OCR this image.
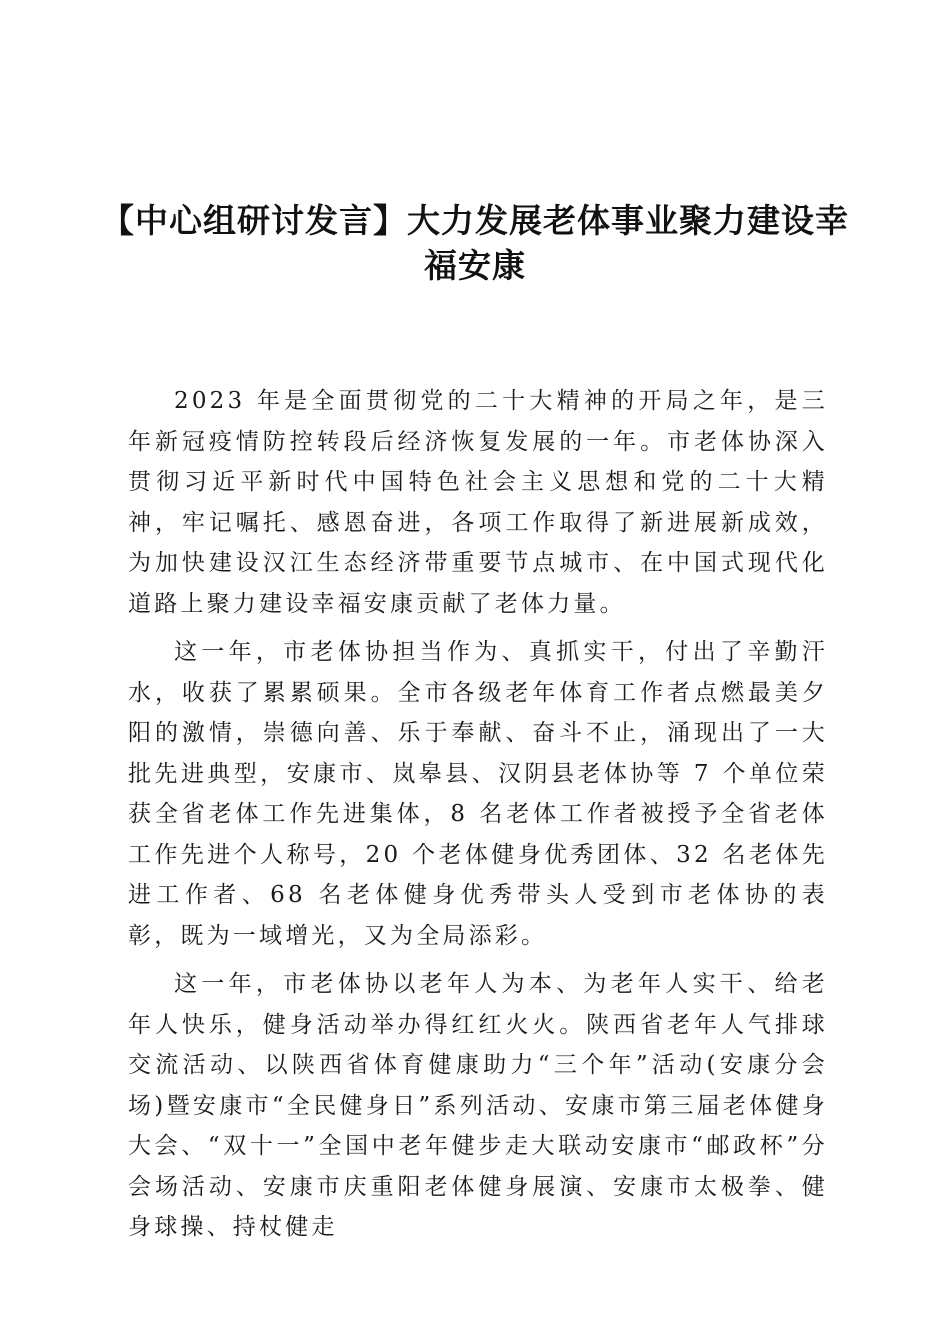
【中心组研讨发言】大力发展老体事业聚力建设幸福安康

2023 年是全面贯彻党的二十大精神的开局之年，是三年新冠疫情防控转段后经济恢复发展的一年。市老体协深入贯彻习近平新时代中国特色社会主义思想和党的二十大精神，牢记嘱托、感恩奋进，各项工作取得了新进展新成效，为加快建设汉江生态经济带重要节点城市、在中国式现代化道路上聚力建设幸福安康贡献了老体力量。

这一年，市老体协担当作为、真抓实干，付出了辛勤汗水，收获了累累硕果。全市各级老年体育工作者点燃最美夕阳的激情，崇德向善、乐于奉献、奋斗不止，涌现出了一大批先进典型，安康市、岚皋县、汉阴县老体协等 7 个单位荣获全省老体工作先进集体，8 名老体工作者被授予全省老体工作先进个人称号，20 个老体健身优秀团体、32 名老体先进工作者、68 名老体健身优秀带头人受到市老体协的表彰，既为一域增光，又为全局添彩。

这一年，市老体协以老年人为本、为老年人实干、给老年人快乐，健身活动举办得红红火火。陕西省老年人气排球交流活动、以陕西省体育健康助力“三个年”活动(安康分会场)暨安康市“全民健身日”系列活动、安康市第三届老体健身大会、“双十一”全国中老年健步走大联动安康市“邮政杯”分会场活动、安康市庆重阳老体健身展演、安康市太极拳、健身球操、持杖健走
